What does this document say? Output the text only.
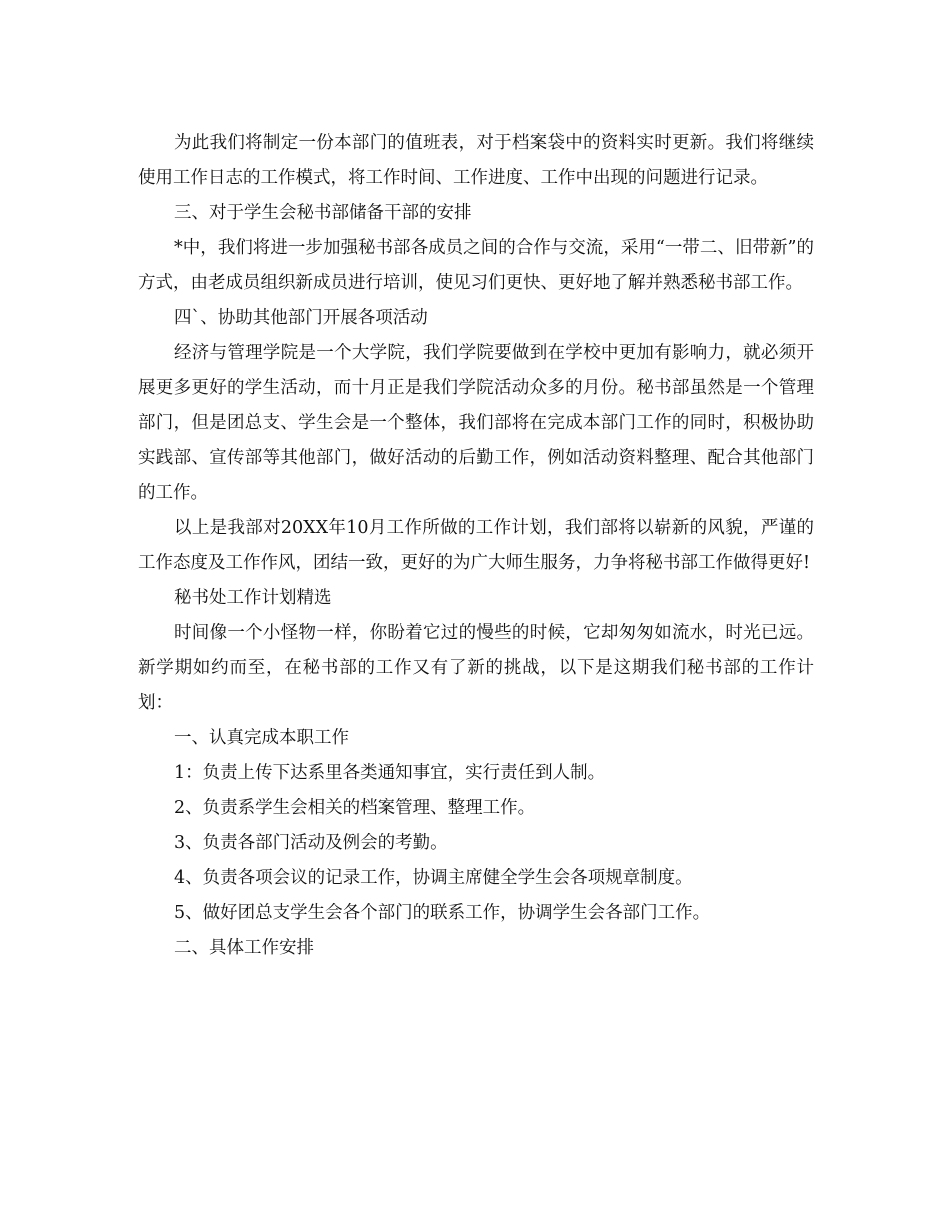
为此我们将制定一份本部门的值班表，对于档案袋中的资料实时更新。我们将继续使用工作日志的工作模式，将工作时间、工作进度、工作中出现的问题进行记录。

三、对于学生会秘书部储备干部的安排

*中，我们将进一步加强秘书部各成员之间的合作与交流，采用“一带二、旧带新”的方式，由老成员组织新成员进行培训，使见习们更快、更好地了解并熟悉秘书部工作。

四`、协助其他部门开展各项活动

经济与管理学院是一个大学院，我们学院要做到在学校中更加有影响力，就必须开展更多更好的学生活动，而十月正是我们学院活动众多的月份。秘书部虽然是一个管理部门，但是团总支、学生会是一个整体，我们部将在完成本部门工作的同时，积极协助实践部、宣传部等其他部门，做好活动的后勤工作，例如活动资料整理、配合其他部门的工作。

以上是我部对20XX年10月工作所做的工作计划，我们部将以崭新的风貌，严谨的工作态度及工作作风，团结一致，更好的为广大师生服务，力争将秘书部工作做得更好!

秘书处工作计划精选

时间像一个小怪物一样，你盼着它过的慢些的时候，它却匆匆如流水，时光已远。新学期如约而至，在秘书部的工作又有了新的挑战，以下是这期我们秘书部的工作计划：

一、认真完成本职工作

1：负责上传下达系里各类通知事宜，实行责任到人制。

2、负责系学生会相关的档案管理、整理工作。

3、负责各部门活动及例会的考勤。

4、负责各项会议的记录工作，协调主席健全学生会各项规章制度。

5、做好团总支学生会各个部门的联系工作，协调学生会各部门工作。

二、具体工作安排
